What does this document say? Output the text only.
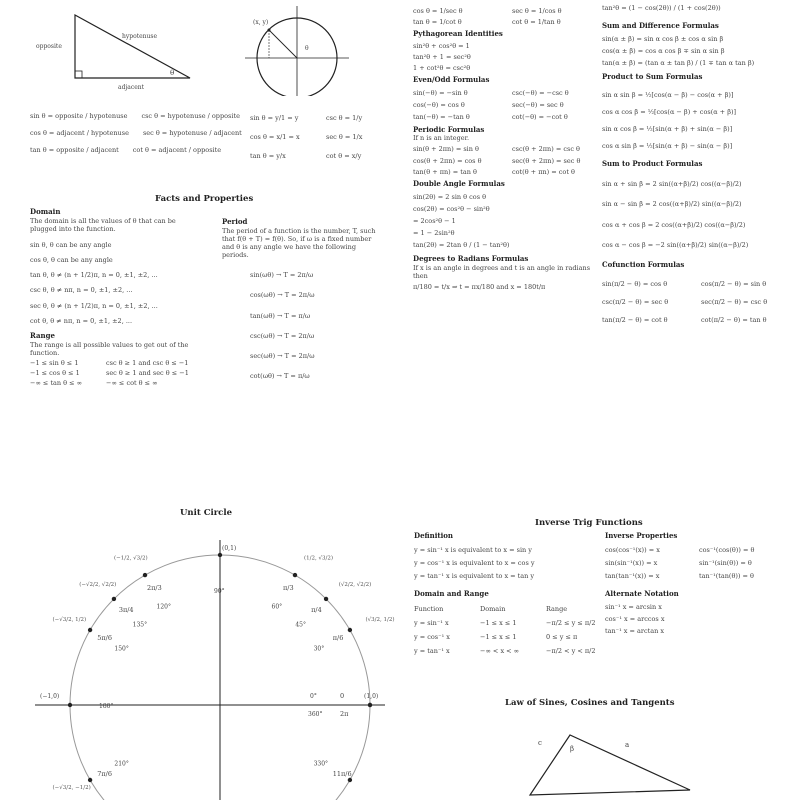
opposite
hypotenuse
adjacent
θ
sin θ = opposite / hypotenuse csc θ = hypotenuse / opposite
cos θ = adjacent / hypotenuse sec θ = hypotenuse / adjacent
tan θ = opposite / adjacent cot θ = adjacent / opposite
(x, y)
θ
sin θ = y/1 = y	csc θ = 1/y
cos θ = x/1 = x	sec θ = 1/x
tan θ = y/x	cot θ = x/y
Facts and Properties
Domain
The domain is all the values of θ that can be plugged into the function.
sin θ, θ can be any angle
cos θ, θ can be any angle
tan θ, θ ≠ (n + 1/2)π, n = 0, ±1, ±2, ...
csc θ, θ ≠ nπ, n = 0, ±1, ±2, ...
sec θ, θ ≠ (n + 1/2)π, n = 0, ±1, ±2, ...
cot θ, θ ≠ nπ, n = 0, ±1, ±2, ...
Range
The range is all possible values to get out of the function.
−1 ≤ sin θ ≤ 1	csc θ ≥ 1 and csc θ ≤ −1
−1 ≤ cos θ ≤ 1	sec θ ≥ 1 and sec θ ≤ −1
−∞ ≤ tan θ ≤ ∞	−∞ ≤ cot θ ≤ ∞
Period
The period of a function is the number, T, such that f(θ + T) = f(θ). So, if ω is a fixed number and θ is any angle we have the following periods.
sin(ωθ) → T = 2π/ω
cos(ωθ) → T = 2π/ω
tan(ωθ) → T = π/ω
csc(ωθ) → T = 2π/ω
sec(ωθ) → T = 2π/ω
cot(ωθ) → T = π/ω
cos θ = 1/sec θ	sec θ = 1/cos θ
tan θ = 1/cot θ	cot θ = 1/tan θ
Pythagorean Identities
sin²θ + cos²θ = 1
tan²θ + 1 = sec²θ
1 + cot²θ = csc²θ
Even/Odd Formulas
sin(−θ) = −sin θ	csc(−θ) = −csc θ
cos(−θ) = cos θ	sec(−θ) = sec θ
tan(−θ) = −tan θ	cot(−θ) = −cot θ
Periodic Formulas
If n is an integer.
sin(θ + 2πn) = sin θ	csc(θ + 2πn) = csc θ
cos(θ + 2πn) = cos θ	sec(θ + 2πn) = sec θ
tan(θ + πn) = tan θ	cot(θ + πn) = cot θ
Double Angle Formulas
sin(2θ) = 2 sin θ cos θ
cos(2θ) = cos²θ − sin²θ
= 2cos²θ − 1
= 1 − 2sin²θ
tan(2θ) = 2tan θ / (1 − tan²θ)
Degrees to Radians Formulas
If x is an angle in degrees and t is an angle in radians then
π/180 = t/x ⇒ t = πx/180 and x = 180t/π
tan²θ = (1 − cos(2θ)) / (1 + cos(2θ))
Sum and Difference Formulas
sin(α ± β) = sin α cos β ± cos α sin β
cos(α ± β) = cos α cos β ∓ sin α sin β
tan(α ± β) = (tan α ± tan β) / (1 ∓ tan α tan β)
Product to Sum Formulas
sin α sin β = ½[cos(α − β) − cos(α + β)]
cos α cos β = ½[cos(α − β) + cos(α + β)]
sin α cos β = ½[sin(α + β) + sin(α − β)]
cos α sin β = ½[sin(α + β) − sin(α − β)]
Sum to Product Formulas
sin α + sin β = 2 sin((α+β)/2) cos((α−β)/2)
sin α − sin β = 2 cos((α+β)/2) sin((α−β)/2)
cos α + cos β = 2 cos((α+β)/2) cos((α−β)/2)
cos α − cos β = −2 sin((α+β)/2) sin((α−β)/2)
Cofunction Formulas
sin(π/2 − θ) = cos θ	cos(π/2 − θ) = sin θ
csc(π/2 − θ) = sec θ	sec(π/2 − θ) = csc θ
tan(π/2 − θ) = cot θ	cot(π/2 − θ) = tan θ
Unit Circle
30°
π/6
(√3/2, 1/2)
45°
π/4
(√2/2, √2/2)
60°
π/3
(1/2, √3/2)
90°
120°
2π/3
(−1/2, √3/2)
135°
3π/4
(−√2/2, √2/2)
150°
5π/6
(−√3/2, 1/2)
180°
210°
7π/6
(−√3/2, −1/2)
330°
11π/6
0
0°
360°	2π
(−1,0)	(1,0)
(0,1)
Inverse Trig Functions
Definition
y = sin⁻¹ x is equivalent to x = sin y
y = cos⁻¹ x is equivalent to x = cos y
y = tan⁻¹ x is equivalent to x = tan y
Domain and Range
Function	Domain	Range
y = sin⁻¹ x	−1 ≤ x ≤ 1	−π/2 ≤ y ≤ π/2
y = cos⁻¹ x	−1 ≤ x ≤ 1	0 ≤ y ≤ π
y = tan⁻¹ x	−∞ < x < ∞	−π/2 < y < π/2
Inverse Properties
cos(cos⁻¹(x)) = x	cos⁻¹(cos(θ)) = θ
sin(sin⁻¹(x)) = x	sin⁻¹(sin(θ)) = θ
tan(tan⁻¹(x)) = x	tan⁻¹(tan(θ)) = θ
Alternate Notation
sin⁻¹ x = arcsin x
cos⁻¹ x = arccos x
tan⁻¹ x = arctan x
Law of Sines, Cosines and Tangents
c	a
β
